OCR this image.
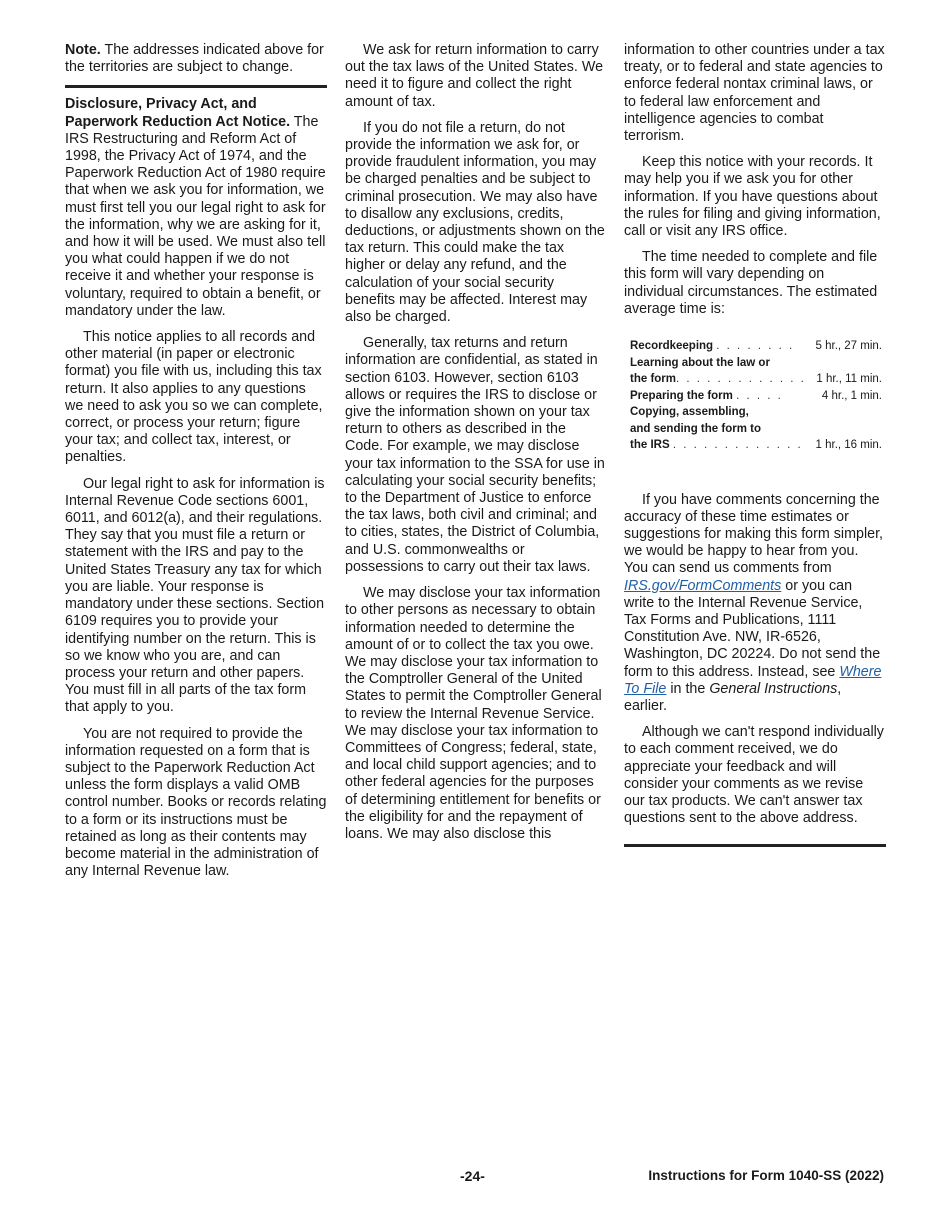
Note. The addresses indicated above for the territories are subject to change.

Disclosure, Privacy Act, and Paperwork Reduction Act Notice. The IRS Restructuring and Reform Act of 1998, the Privacy Act of 1974, and the Paperwork Reduction Act of 1980 require that when we ask you for information, we must first tell you our legal right to ask for the information, why we are asking for it, and how it will be used. We must also tell you what could happen if we do not receive it and whether your response is voluntary, required to obtain a benefit, or mandatory under the law.

This notice applies to all records and other material (in paper or electronic format) you file with us, including this tax return. It also applies to any questions we need to ask you so we can complete, correct, or process your return; figure your tax; and collect tax, interest, or penalties.

Our legal right to ask for information is Internal Revenue Code sections 6001, 6011, and 6012(a), and their regulations. They say that you must file a return or statement with the IRS and pay to the United States Treasury any tax for which you are liable. Your response is mandatory under these sections. Section 6109 requires you to provide your identifying number on the return. This is so we know who you are, and can process your return and other papers. You must fill in all parts of the tax form that apply to you.

You are not required to provide the information requested on a form that is subject to the Paperwork Reduction Act unless the form displays a valid OMB control number. Books or records relating to a form or its instructions must be retained as long as their contents may become material in the administration of any Internal Revenue law.

We ask for return information to carry out the tax laws of the United States. We need it to figure and collect the right amount of tax.

If you do not file a return, do not provide the information we ask for, or provide fraudulent information, you may be charged penalties and be subject to criminal prosecution. We may also have to disallow any exclusions, credits, deductions, or adjustments shown on the tax return. This could make the tax higher or delay any refund, and the calculation of your social security benefits may be affected. Interest may also be charged.

Generally, tax returns and return information are confidential, as stated in section 6103. However, section 6103 allows or requires the IRS to disclose or give the information shown on your tax return to others as described in the Code. For example, we may disclose your tax information to the SSA for use in calculating your social security benefits; to the Department of Justice to enforce the tax laws, both civil and criminal; and to cities, states, the District of Columbia, and U.S. commonwealths or possessions to carry out their tax laws.

We may disclose your tax information to other persons as necessary to obtain information needed to determine the amount of or to collect the tax you owe. We may disclose your tax information to the Comptroller General of the United States to permit the Comptroller General to review the Internal Revenue Service. We may disclose your tax information to Committees of Congress; federal, state, and local child support agencies; and to other federal agencies for the purposes of determining entitlement for benefits or the eligibility for and the repayment of loans. We may also disclose this

information to other countries under a tax treaty, or to federal and state agencies to enforce federal nontax criminal laws, or to federal law enforcement and intelligence agencies to combat terrorism.

Keep this notice with your records. It may help you if we ask you for other information. If you have questions about the rules for filing and giving information, call or visit any IRS office.

The time needed to complete and file this form will vary depending on individual circumstances. The estimated average time is:

Recordkeeping . . . . . . . .	5 hr., 27 min.
Learning about the law or
the form. . . . . . . . . . . . .	1 hr., 11 min.
Preparing the form . . . . .	4 hr., 1 min.
Copying, assembling,
and sending the form to
the IRS . . . . . . . . . . . . .	1 hr., 16 min.

If you have comments concerning the accuracy of these time estimates or suggestions for making this form simpler, we would be happy to hear from you. You can send us comments from IRS.gov/FormComments or you can write to the Internal Revenue Service, Tax Forms and Publications, 1111 Constitution Ave. NW, IR-6526, Washington, DC 20224. Do not send the form to this address. Instead, see Where To File in the General Instructions, earlier.

Although we can't respond individually to each comment received, we do appreciate your feedback and will consider your comments as we revise our tax products. We can't answer tax questions sent to the above address.

-24-	Instructions for Form 1040-SS (2022)
